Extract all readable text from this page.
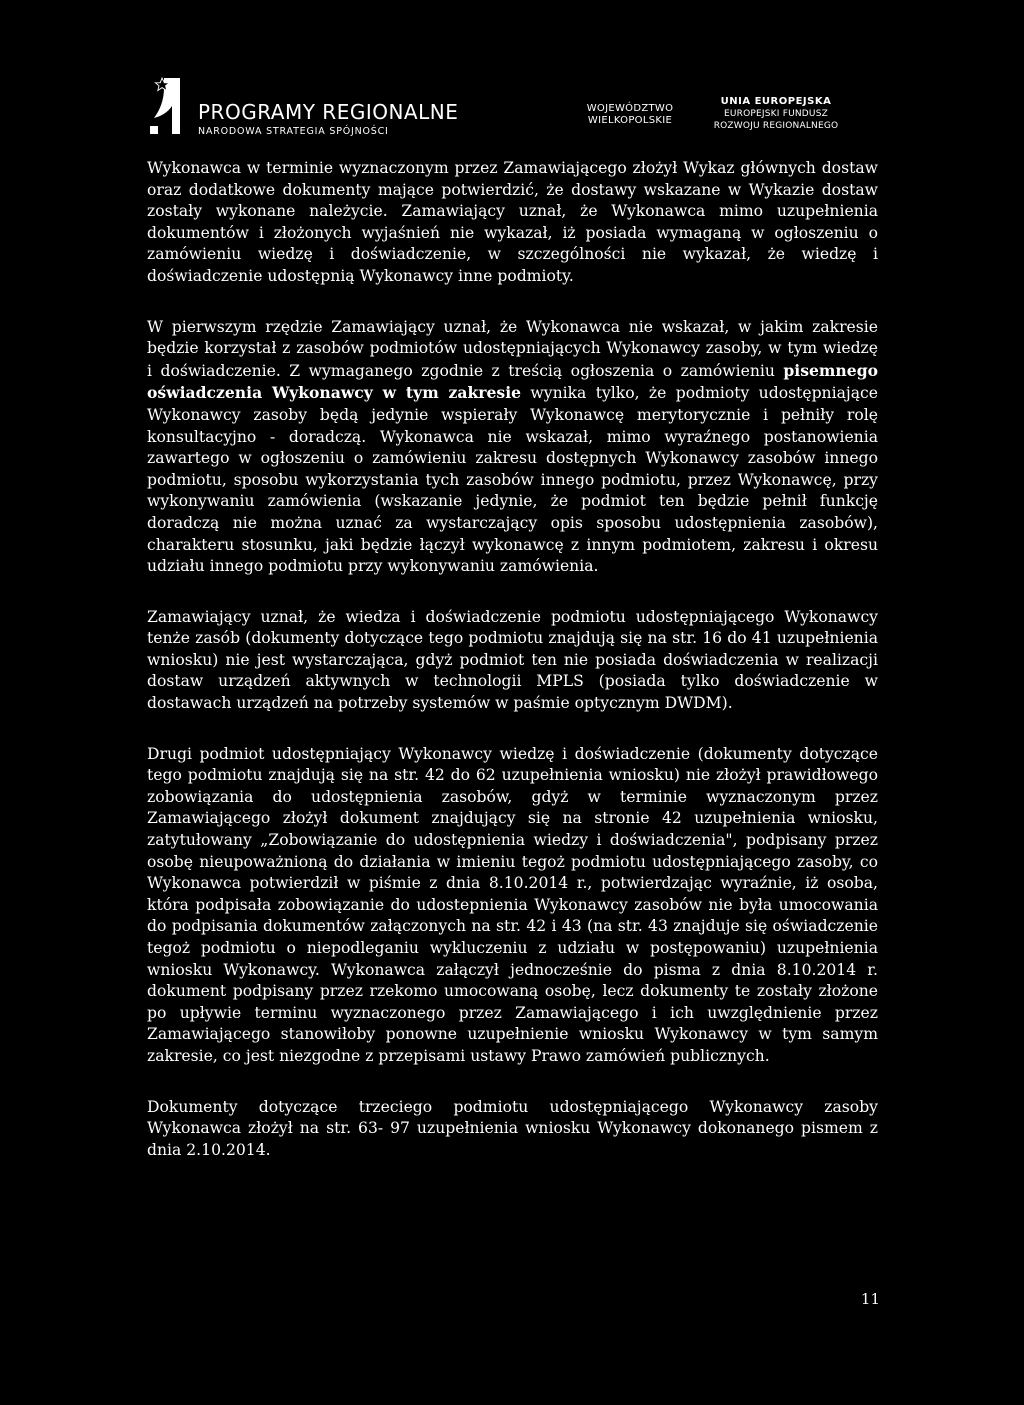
PROGRAMY REGIONALNE
NARODOWA STRATEGIA SPÓJNOŚCI
WOJEWÓDZTWO
WIELKOPOLSKIE
UNIA EUROPEJSKA
EUROPEJSKI FUNDUSZ
ROZWOJU REGIONALNEGO

Wykonawca w terminie wyznaczonym przez Zamawiającego złożył Wykaz głównych dostaw oraz dodatkowe dokumenty mające potwierdzić, że dostawy wskazane w Wykazie dostaw zostały wykonane należycie. Zamawiający uznał, że Wykonawca mimo uzupełnienia dokumentów i złożonych wyjaśnień nie wykazał, iż posiada wymaganą w ogłoszeniu o zamówieniu wiedzę i doświadczenie, w szczególności nie wykazał, że wiedzę i doświadczenie udostępnią Wykonawcy inne podmioty.

W pierwszym rzędzie Zamawiający uznał, że Wykonawca nie wskazał, w jakim zakresie będzie korzystał z zasobów podmiotów udostępniających Wykonawcy zasoby, w tym wiedzę i doświadczenie. Z wymaganego zgodnie z treścią ogłoszenia o zamówieniu pisemnego oświadczenia Wykonawcy w tym zakresie wynika tylko, że podmioty udostępniające Wykonawcy zasoby będą jedynie wspierały Wykonawcę merytorycznie i pełniły rolę konsultacyjno - doradczą. Wykonawca nie wskazał, mimo wyraźnego postanowienia zawartego w ogłoszeniu o zamówieniu zakresu dostępnych Wykonawcy zasobów innego podmiotu, sposobu wykorzystania tych zasobów innego podmiotu, przez Wykonawcę, przy wykonywaniu zamówienia (wskazanie jedynie, że podmiot ten będzie pełnił funkcję doradczą nie można uznać za wystarczający opis sposobu udostępnienia zasobów), charakteru stosunku, jaki będzie łączył wykonawcę z innym podmiotem, zakresu i okresu udziału innego podmiotu przy wykonywaniu zamówienia.

Zamawiający uznał, że wiedza i doświadczenie podmiotu udostępniającego Wykonawcy tenże zasób (dokumenty dotyczące tego podmiotu znajdują się na str. 16 do 41 uzupełnienia wniosku) nie jest wystarczająca, gdyż podmiot ten nie posiada doświadczenia w realizacji dostaw urządzeń aktywnych w technologii MPLS (posiada tylko doświadczenie w dostawach urządzeń na potrzeby systemów w paśmie optycznym DWDM).

Drugi podmiot udostępniający Wykonawcy wiedzę i doświadczenie (dokumenty dotyczące tego podmiotu znajdują się na str. 42 do 62 uzupełnienia wniosku) nie złożył prawidłowego zobowiązania do udostępnienia zasobów, gdyż w terminie wyznaczonym przez Zamawiającego złożył dokument znajdujący się na stronie 42 uzupełnienia wniosku, zatytułowany „Zobowiązanie do udostępnienia wiedzy i doświadczenia", podpisany przez osobę nieupoważnioną do działania w imieniu tegoż podmiotu udostępniającego zasoby, co Wykonawca potwierdził w piśmie z dnia 8.10.2014 r., potwierdzając wyraźnie, iż osoba, która podpisała zobowiązanie do udostepnienia Wykonawcy zasobów nie była umocowania do podpisania dokumentów załączonych na str. 42 i 43 (na str. 43 znajduje się oświadczenie tegoż podmiotu o niepodleganiu wykluczeniu z udziału w postępowaniu) uzupełnienia wniosku Wykonawcy. Wykonawca załączył jednocześnie do pisma z dnia 8.10.2014 r. dokument podpisany przez rzekomo umocowaną osobę, lecz dokumenty te zostały złożone po upływie terminu wyznaczonego przez Zamawiającego i ich uwzględnienie przez Zamawiającego stanowiłoby ponowne uzupełnienie wniosku Wykonawcy w tym samym zakresie, co jest niezgodne z przepisami ustawy Prawo zamówień publicznych.

Dokumenty dotyczące trzeciego podmiotu udostępniającego Wykonawcy zasoby Wykonawca złożył na str. 63- 97 uzupełnienia wniosku Wykonawcy dokonanego pismem z dnia 2.10.2014.

11
